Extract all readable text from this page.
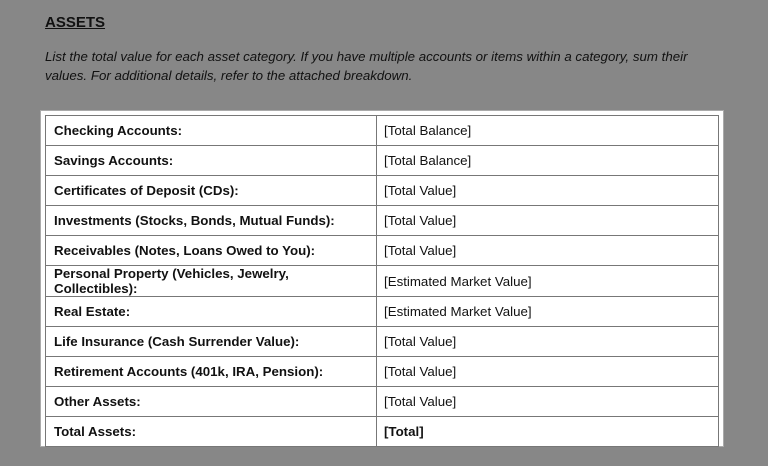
ASSETS
List the total value for each asset category. If you have multiple accounts or items within a category, sum their values. For additional details, refer to the attached breakdown.
Checking Accounts:	[Total Balance]
Savings Accounts:	[Total Balance]
Certificates of Deposit (CDs):	[Total Value]
Investments (Stocks, Bonds, Mutual Funds):	[Total Value]
Receivables (Notes, Loans Owed to You):	[Total Value]
Personal Property (Vehicles, Jewelry, Collectibles):	[Estimated Market Value]
Real Estate:	[Estimated Market Value]
Life Insurance (Cash Surrender Value):	[Total Value]
Retirement Accounts (401k, IRA, Pension):	[Total Value]
Other Assets:	[Total Value]
Total Assets:	[Total]
